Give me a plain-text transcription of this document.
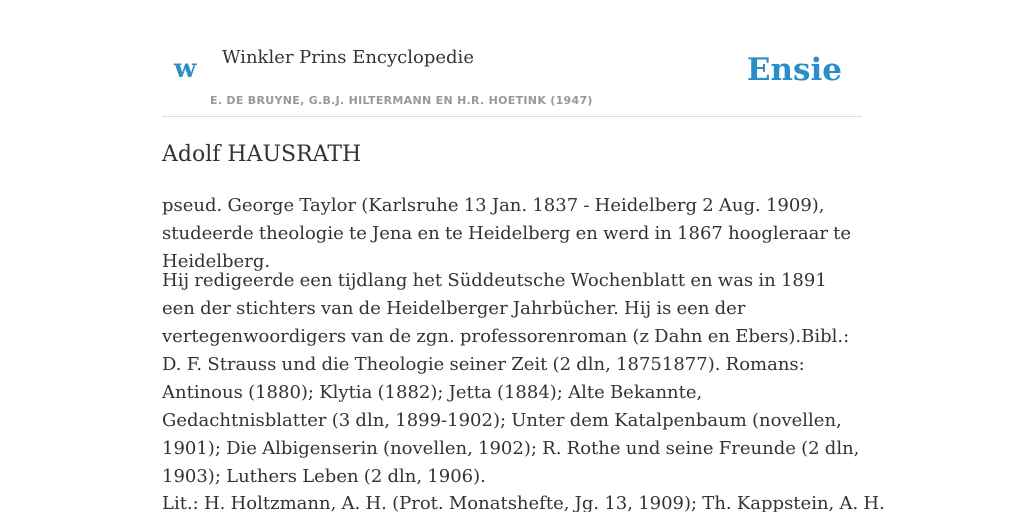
w Winkler Prins Encyclopedie
E. DE BRUYNE, G.B.J. HILTERMANN EN H.R. HOETINK (1947)
Ensie
Adolf HAUSRATH

pseud. George Taylor (Karlsruhe 13 Jan. 1837 - Heidelberg 2 Aug. 1909), studeerde theologie te Jena en te Heidelberg en werd in 1867 hoogleraar te Heidelberg.

Hij redigeerde een tijdlang het Süddeutsche Wochenblatt en was in 1891 een der stichters van de Heidelberger Jahrbücher. Hij is een der vertegenwoordigers van de zgn. professorenroman (z Dahn en Ebers).Bibl.: D. F. Strauss und die Theologie seiner Zeit (2 dln, 18751877). Romans: Antinous (1880); Klytia (1882); Jetta (1884); Alte Bekannte, Gedachtnisblatter (3 dln, 1899-1902); Unter dem Katalpenbaum (novellen, 1901); Die Albigenserin (novellen, 1902); R. Rothe und seine Freunde (2 dln, 1903); Luthers Leben (2 dln, 1906).

Lit.: H. Holtzmann, A. H. (Prot. Monatshefte, Jg. 13, 1909); Th. Kappstein, A. H.
